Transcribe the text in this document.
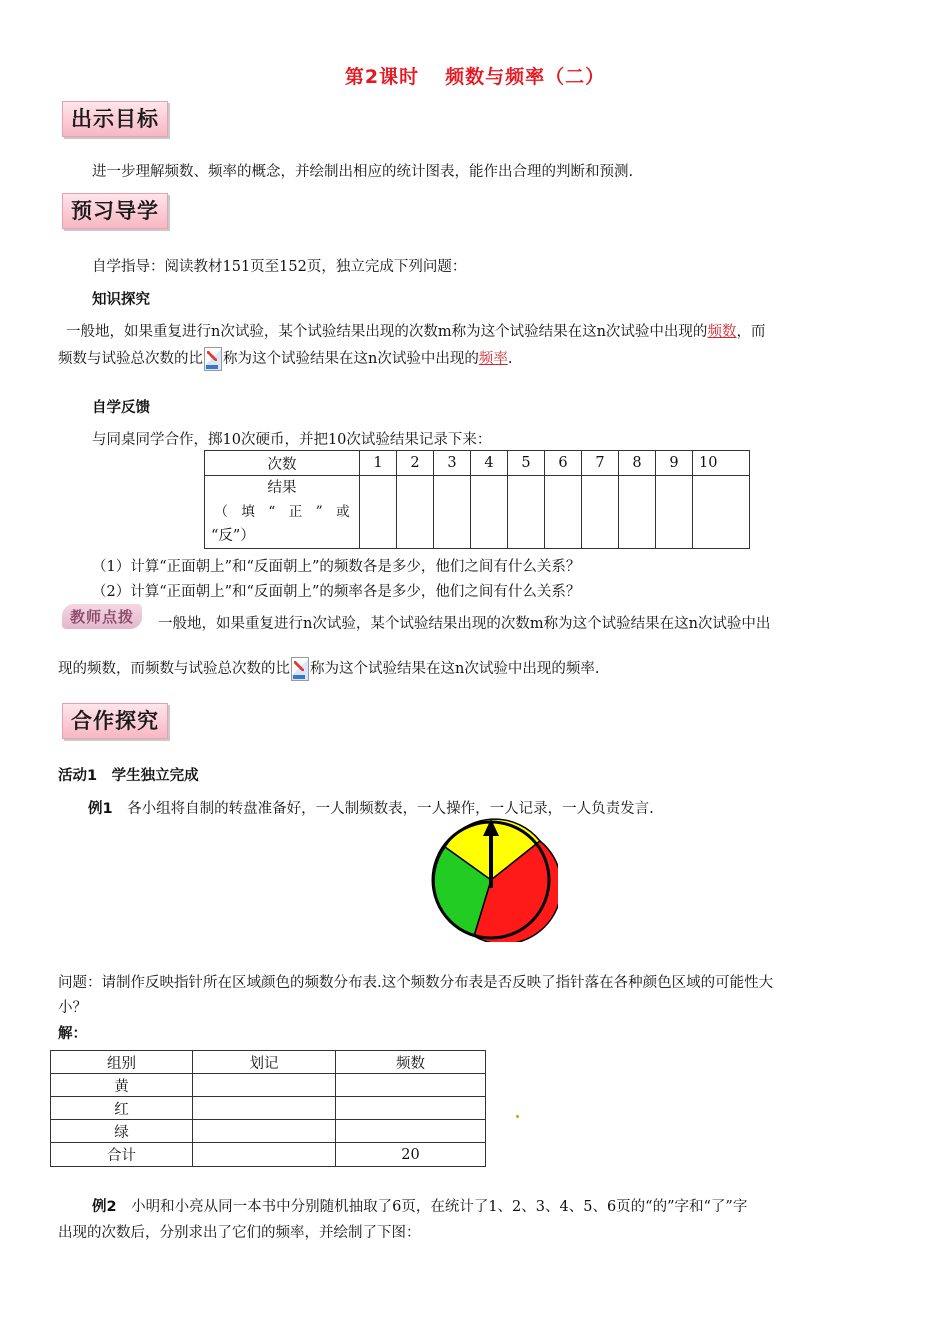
第2课时 频数与频率（二）
出示目标
进一步理解频数、频率的概念，并绘制出相应的统计图表，能作出合理的判断和预测.
预习导学
自学指导：阅读教材151页至152页，独立完成下列问题：
知识探究
一般地，如果重复进行n次试验，某个试验结果出现的次数m称为这个试验结果在这n次试验中出现的频数，而
频数与试验总次数的比 称为这个试验结果在这n次试验中出现的频率.
自学反馈
与同桌同学合作，掷10次硬币，并把10次试验结果记录下来：
次数	1	2	3	4	5	6	7	8	9	10

结果
（　填　“　正　”　或
“反”）										

（1）计算“正面朝上”和“反面朝上”的频数各是多少，他们之间有什么关系？
（2）计算“正面朝上”和“反面朝上”的频率各是多少，他们之间有什么关系？
教师点拨	一般地，如果重复进行n次试验，某个试验结果出现的次数m称为这个试验结果在这n次试验中出
现的频数，而频数与试验总次数的比 称为这个试验结果在这n次试验中出现的频率.
合作探究
活动1　学生独立完成
例1　 各小组将自制的转盘准备好，一人制频数表，一人操作，一人记录，一人负责发言.
问题：请制作反映指针所在区域颜色的频数分布表.这个频数分布表是否反映了指针落在各种颜色区域的可能性大
小？
解：
组别	划记	频数
黄		
红		
绿		
合计		20
例2　 小明和小亮从同一本书中分别随机抽取了6页，在统计了1、2、3、4、5、6页的“的”字和“了”字
出现的次数后，分别求出了它们的频率，并绘制了下图：
